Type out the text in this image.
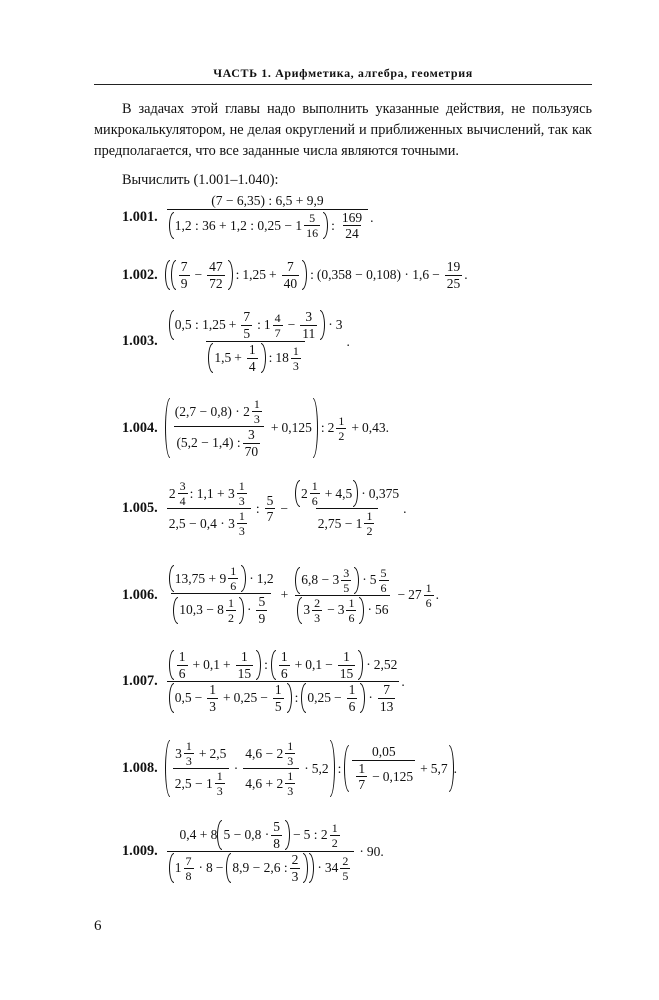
ЧАСТЬ 1. Арифметика, алгебра, геометрия
В задачах этой главы надо выполнить указанные действия, не пользуясь микрокалькулятором, не делая округлений и приближенных вычислений, так как предполагается, что все заданные числа являются точными.
Вычислить (1.001–1.040):
1.001.
(7 − 6,35) : 6,5 + 9,9
1,2 : 36 + 1,2 : 0,25 − 1 5
16
:
169
24
.
1.002. 7
9
− $\frac{47}{72}$ : $1,25 + \frac{7}{40}$ : $(0,358 - 0,108) \cdot 1,6 - \frac{19}{25}$ .
1.003.
0,5 : $1,25 + \frac{7}{5}$ : 1 4
7
− $\frac{3}{11} \cdot 3$
$1,5 + \frac{1}{4}$ : 18 1
3
.
1.004.
(2,7 − 0,8) · 2 1
3
(5,2 − 1,4) :
3
70
+ 0,125 : 2 1
2
+ 0,43.
1.005.
2 3
4
: 1,1 + 3 1
3
2,5 − 0,4 · 3 1
3
:
5
7
− 2 1
6
+ 4,5 · 0,375
2,75 − 1 1
2 .
1.006.
13,75 + 9 1
6
· 1,2
10,3 − 8 1
2
·
5
9
+ 6,8 − 3 3
5
· 5 5
6
3 2
3
− $3 \frac{1}{6} \cdot 56 - 27 \frac{1}{6}$ .
1.007.
1
6
+ $0,1 + \frac{1}{15}$ :
1
6
+ $0,1 - \frac{1}{15} \cdot 2,52$
$0,5 - \frac{1}{3} + 0,25 - \frac{1}{5}$ : $0,25 - \frac{1}{6}$ ·
7
13
.
1.008.
3 1
3
+ 2,5
2,5 − 1 1
3
·
4,6 − 2 1
3
4,6 + 2 1
3
· 5,2 :
0,05
1
7
− 0,125
+ 5,7 .
1.009.
0,4 + 8 5 − 0,8 ·
5
8
− 5 : $2 \frac{1}{2}$
1 7
8
· 8 − 8,9 − 2,6 :
2
3
· 34 2
5
· 90.
6
